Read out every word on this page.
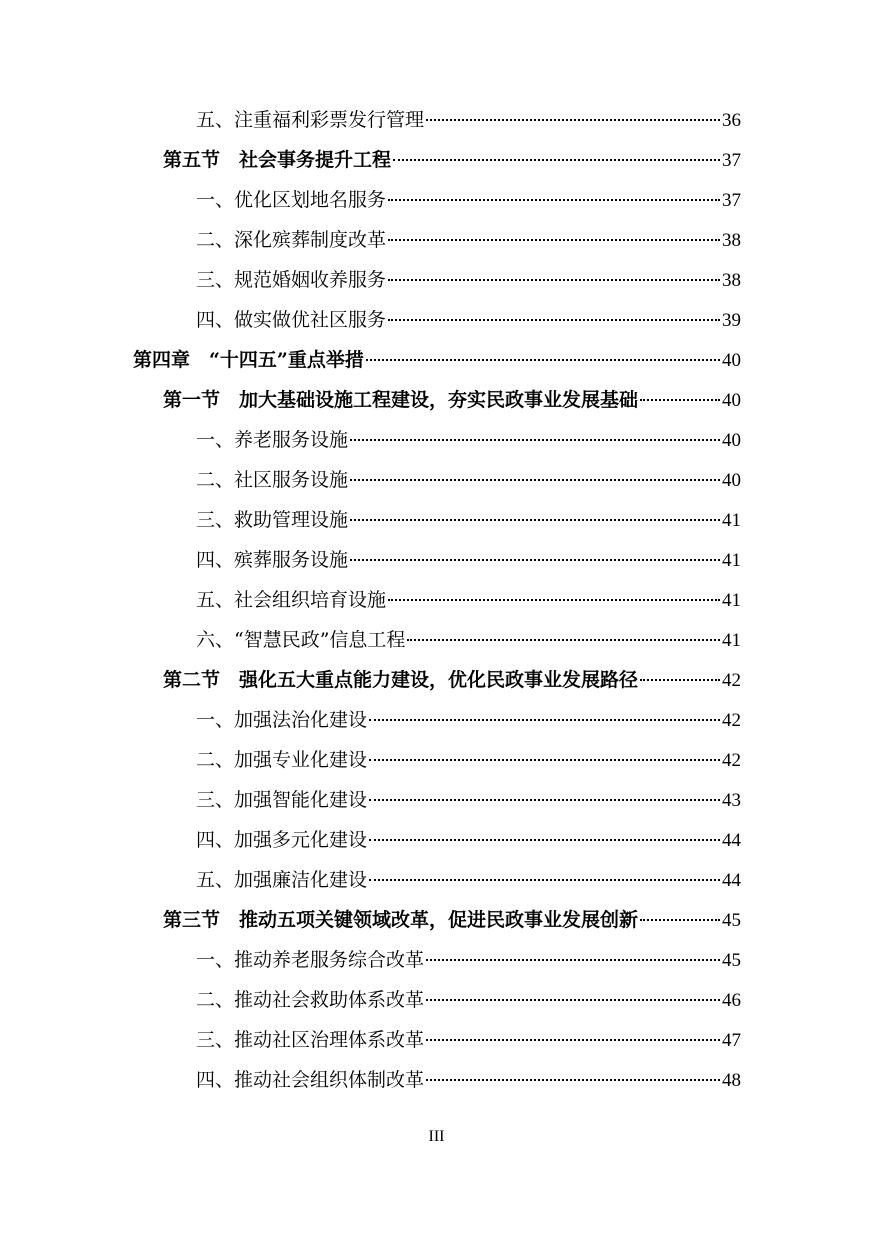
五、注重福利彩票发行管理	36
第五节　社会事务提升工程	37
一、优化区划地名服务	37
二、深化殡葬制度改革	38
三、规范婚姻收养服务	38
四、做实做优社区服务	39
第四章　“十四五”重点举措	40
第一节　加大基础设施工程建设，夯实民政事业发展基础	40
一、养老服务设施	40
二、社区服务设施	40
三、救助管理设施	41
四、殡葬服务设施	41
五、社会组织培育设施	41
六、“智慧民政”信息工程	41
第二节　强化五大重点能力建设，优化民政事业发展路径	42
一、加强法治化建设	42
二、加强专业化建设	42
三、加强智能化建设	43
四、加强多元化建设	44
五、加强廉洁化建设	44
第三节　推动五项关键领域改革，促进民政事业发展创新	45
一、推动养老服务综合改革	45
二、推动社会救助体系改革	46
三、推动社区治理体系改革	47
四、推动社会组织体制改革	48
III
